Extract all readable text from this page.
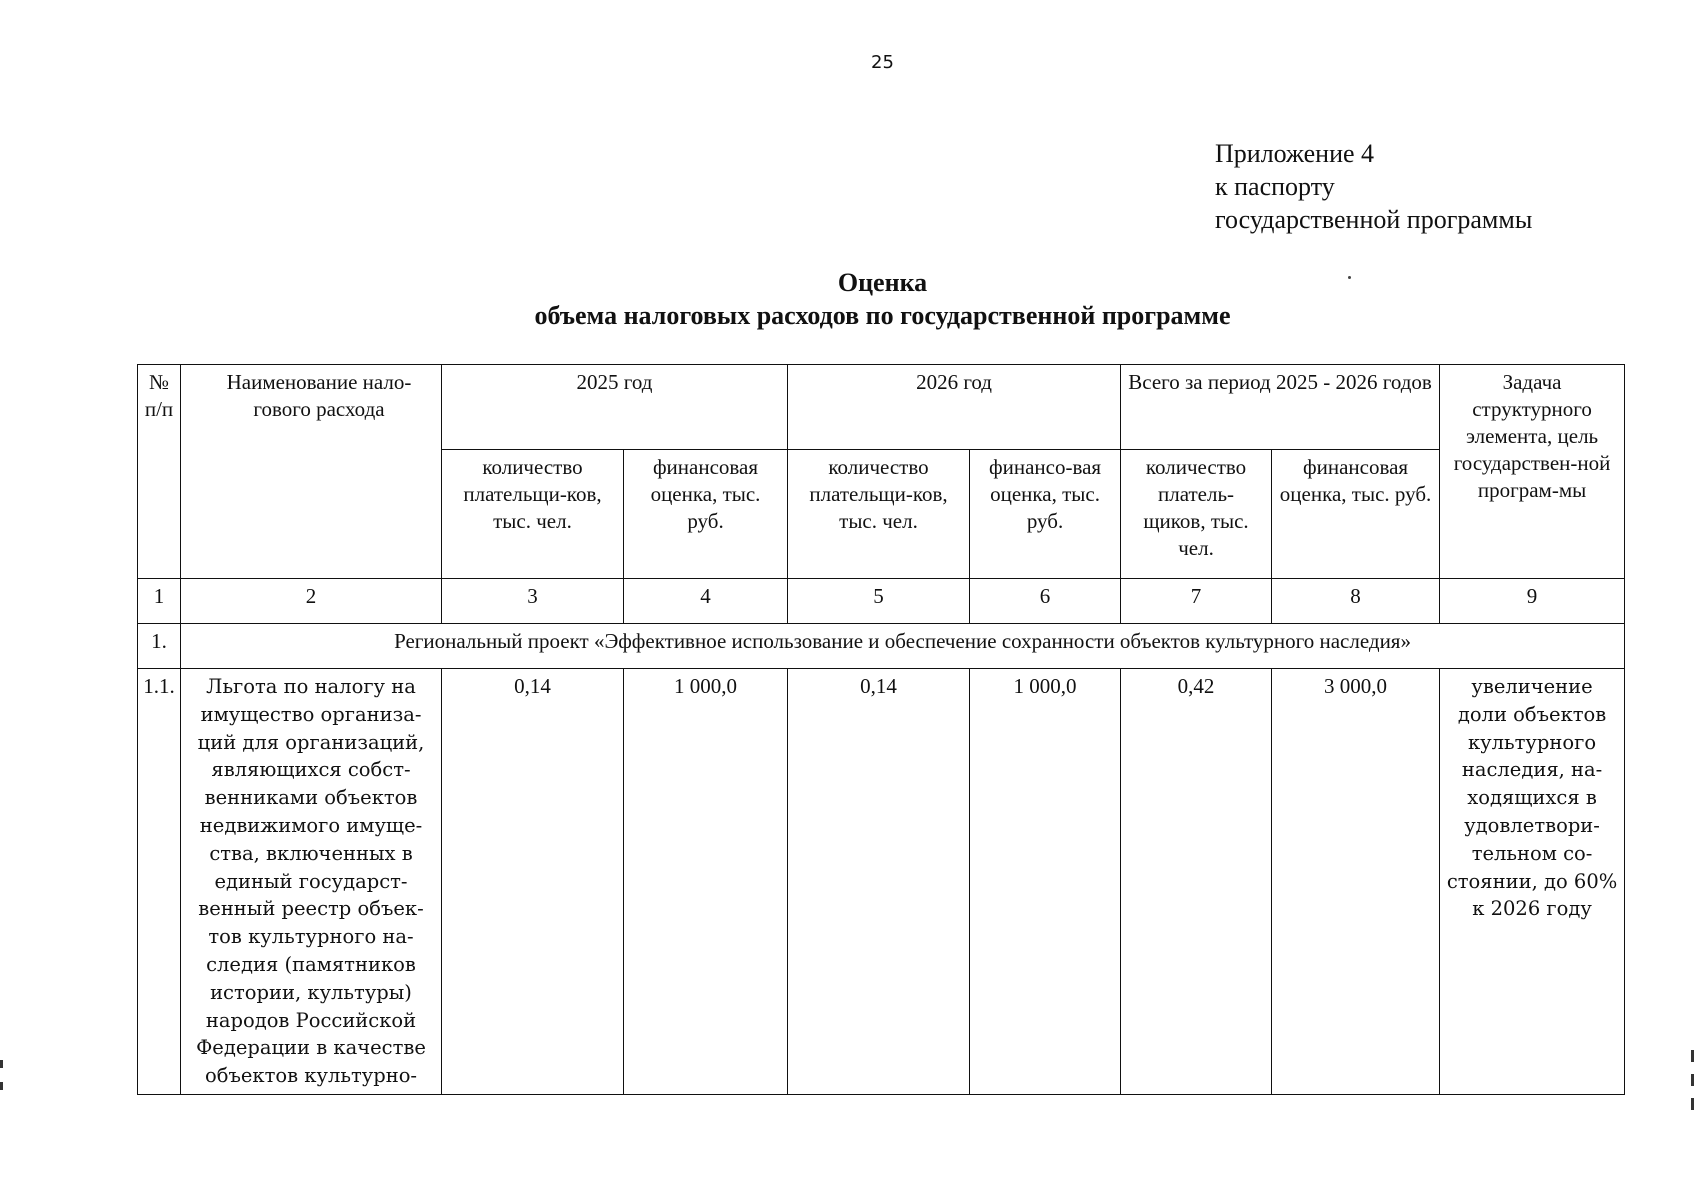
25
Приложение 4
к паспорту
государственной программы
Оценка
объема налоговых расходов по государственной программе
№ п/п	Наименование нало-гового расхода	2025 год		2026 год		Всего за период 2025 - 2026 годов		Задача структурного элемента, цель государствен-ной програм-мы
		количество плательщи-ков, тыс. чел.	финансовая оценка, тыс. руб.	количество плательщи-ков, тыс. чел.	финансо-вая оценка, тыс. руб.	количество платель-щиков, тыс. чел.	финансовая оценка, тыс. руб.	
1	2	3	4	5	6	7	8	9
1.	Региональный проект «Эффективное использование и обеспечение сохранности объектов культурного наследия»							
1.1.	Льгота по налогу на имущество организа-ций для организаций, являющихся собст-венниками объектов недвижимого имуще-ства, включенных в единый государст-венный реестр объек-тов культурного на-следия (памятников истории, культуры) народов Российской Федерации в качестве объектов культурно-	0,14	1 000,0	0,14	1 000,0	0,42	3 000,0	увеличение доли объектов культурного наследия, на-ходящихся в удовлетвори-тельном со-стоянии, до 60% к 2026 году
